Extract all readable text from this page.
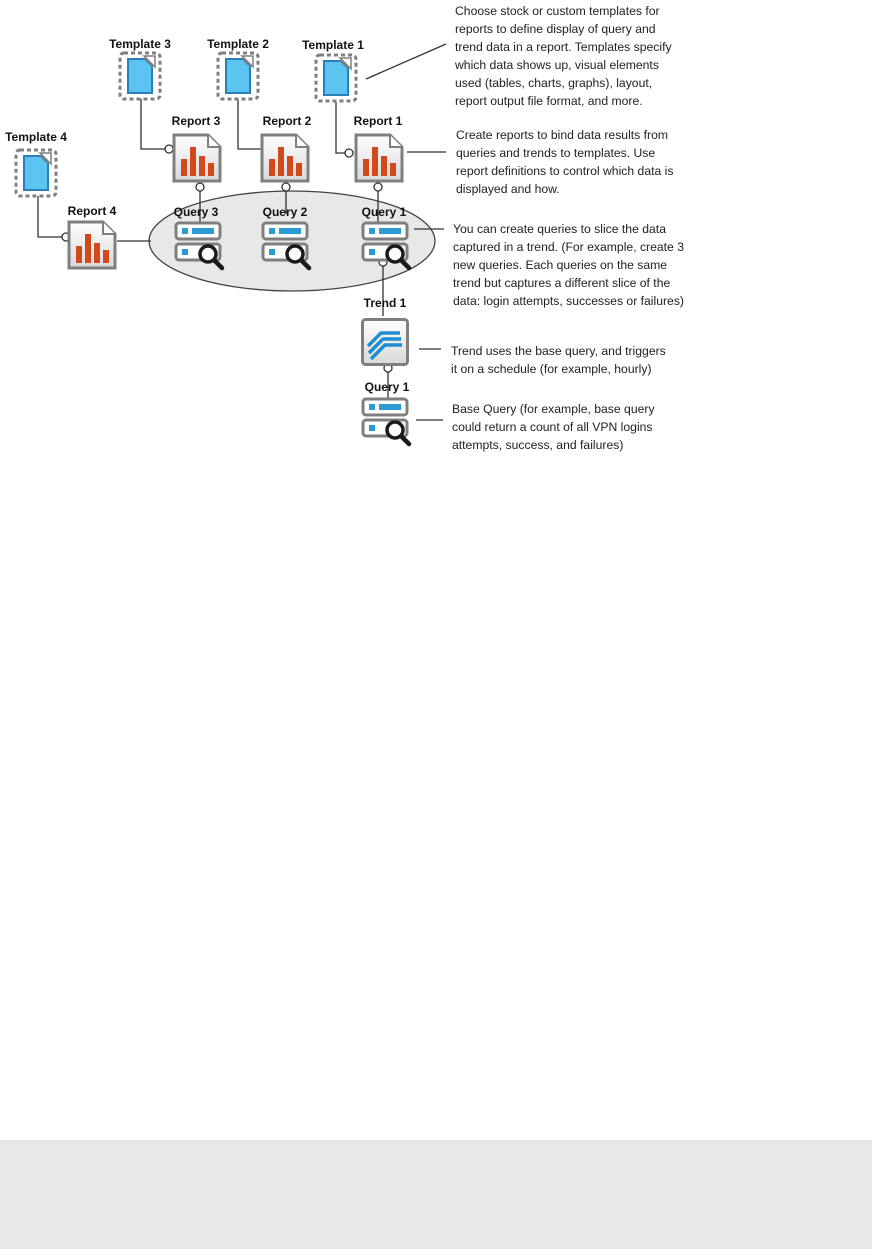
Template 3	Template 2	Template 1
Template 4
Report 3	Report 2	Report 1
Report 4	Query 3	Query 2	Query 1
Trend 1
Query 1
Choose stock or custom templates for reports to define display of query and trend data in a report. Templates specify which data shows up, visual elements used (tables, charts, graphs), layout, report output file format, and more.
Create reports to bind data results from queries and trends to templates. Use report definitions to control which data is displayed and how.
You can create queries to slice the data captured in a trend. (For example, create 3 new queries. Each queries on the same trend but captures a different slice of the data: login attempts, successes or failures)
Trend uses the base query, and triggers it on a schedule (for example, hourly)
Base Query (for example, base query could return a count of all VPN logins attempts, success, and failures)
